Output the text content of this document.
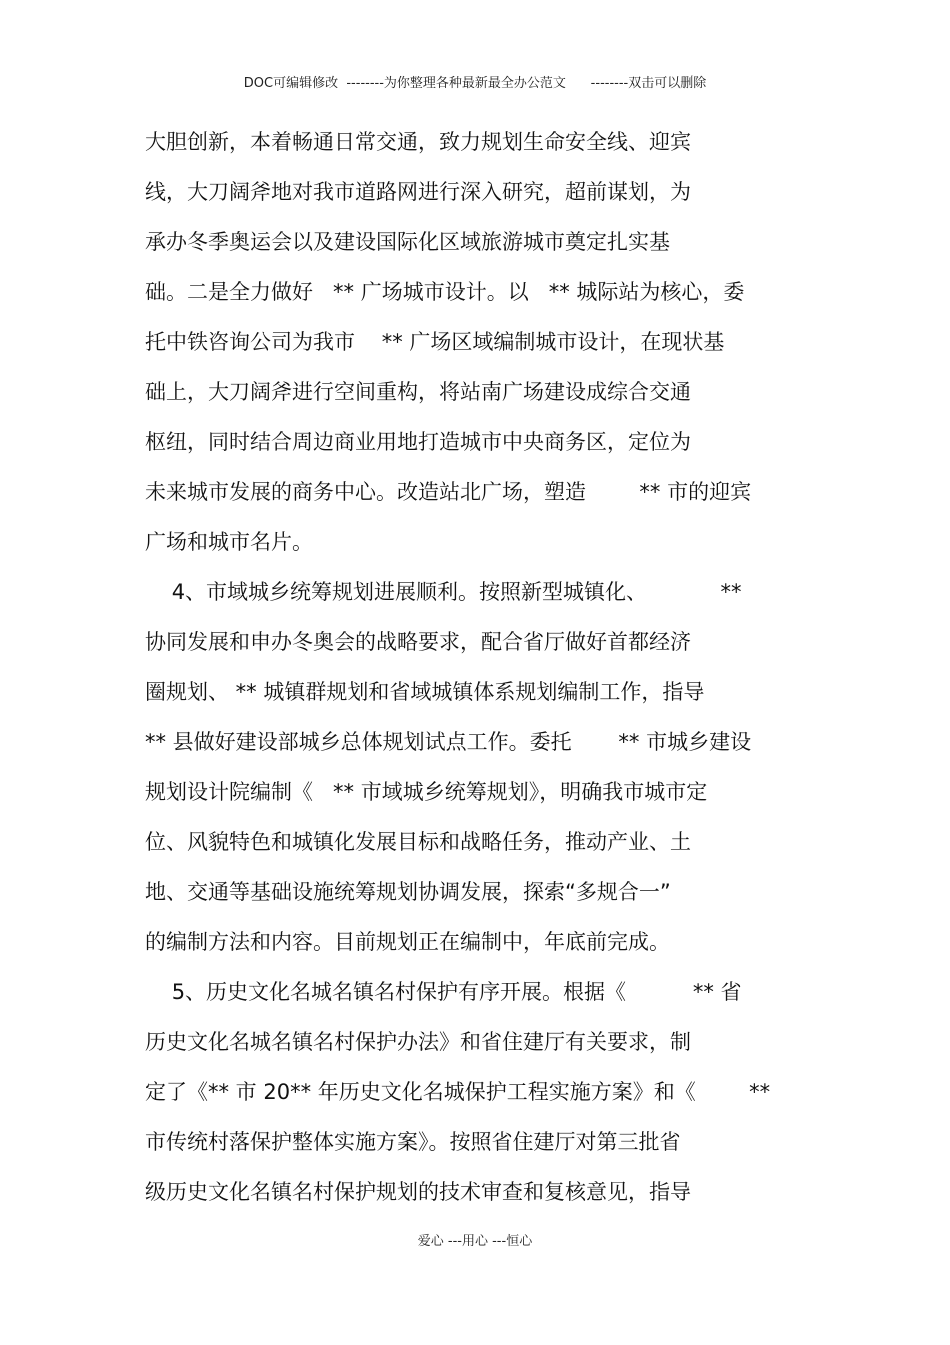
DOC可编辑修改  --------为你整理各种最新最全办公范文      --------双击可以删除
大胆创新，本着畅通日常交通，致力规划生命安全线、迎宾
线，大刀阔斧地对我市道路网进行深入研究，超前谋划，为
承办冬季奥运会以及建设国际化区域旅游城市奠定扎实基
础。二是全力做好   ** 广场城市设计。以   ** 城际站为核心，委
托中铁咨询公司为我市    ** 广场区域编制城市设计，在现状基
础上，大刀阔斧进行空间重构，将站南广场建设成综合交通
枢纽，同时结合周边商业用地打造城市中央商务区，定位为
未来城市发展的商务中心。改造站北广场，塑造        ** 市的迎宾
广场和城市名片。
4、市域城乡统筹规划进展顺利。按照新型城镇化、           **
协同发展和申办冬奥会的战略要求，配合省厅做好首都经济
圈规划、 ** 城镇群规划和省域城镇体系规划编制工作，指导
** 县做好建设部城乡总体规划试点工作。委托       ** 市城乡建设
规划设计院编制《   ** 市域城乡统筹规划》，明确我市城市定
位、风貌特色和城镇化发展目标和战略任务，推动产业、土
地、交通等基础设施统筹规划协调发展，探索“多规合一”
的编制方法和内容。目前规划正在编制中，年底前完成。
5、历史文化名城名镇名村保护有序开展。根据《          ** 省
历史文化名城名镇名村保护办法》和省住建厅有关要求，制
定了《** 市 20** 年历史文化名城保护工程实施方案》和《        **
市传统村落保护整体实施方案》。按照省住建厅对第三批省
级历史文化名镇名村保护规划的技术审查和复核意见，指导
爱心 ---用心 ---恒心
